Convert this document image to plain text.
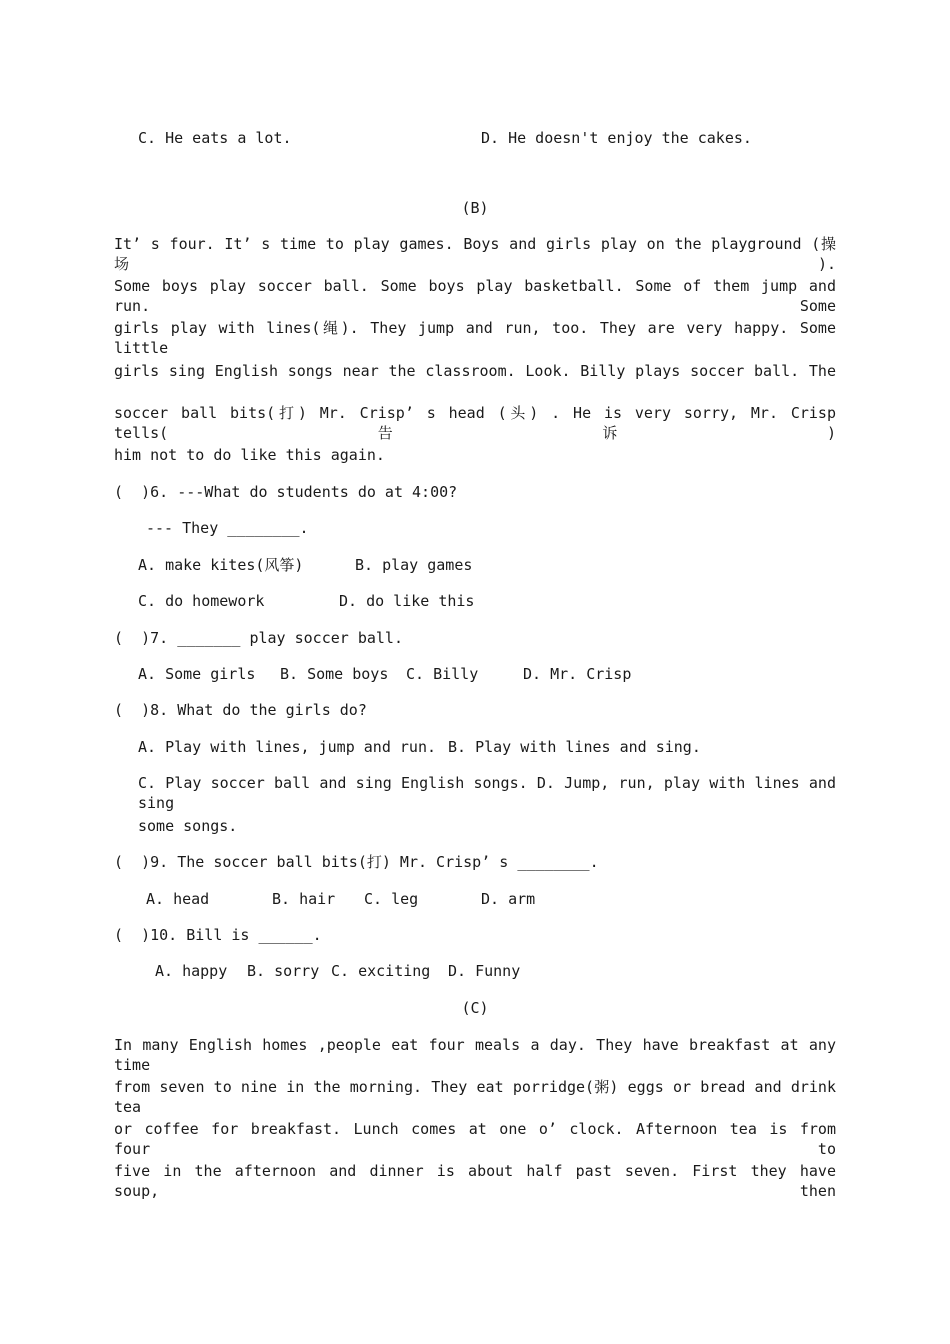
C. He eats a lot.	D. He doesn't enjoy the cakes.
(B)
It’ s four. It’ s time to play games. Boys and girls play on the playground (操场).
Some boys play soccer ball. Some boys play basketball. Some of them jump and run. Some
girls play with lines(绳). They jump and run, too. They are very happy. Some little
girls sing English songs near the classroom. Look. Billy plays soccer ball. The
soccer ball bits(打) Mr. Crisp’ s head (头) . He is very sorry, Mr. Crisp tells(告诉)
him not to do like this again.
(  )6. ---What do students do at 4:00?
--- They ________.
A. make kites(风筝)	B. play games
C. do homework	D. do like this
(  )7. _______ play soccer ball.
A. Some girls B. Some boys C. Billy	D. Mr. Crisp
(  )8. What do the girls do?
A. Play with lines, jump and run. B. Play with lines and sing.
C. Play soccer ball and sing English songs. D. Jump, run, play with lines and sing
some songs.
(  )9. The soccer ball bits(打) Mr. Crisp’ s ________.
A. head	B. hair C. leg	D. arm
(  )10. Bill is ______.
A. happy B. sorry C. exciting D. Funny
(C)
In many English homes ,people eat four meals a day. They have breakfast at any time
from seven to nine in the morning. They eat porridge(粥) eggs or bread and drink tea
or coffee for breakfast. Lunch comes at one o’ clock. Afternoon tea is from four to
five in the afternoon and dinner is about half past seven. First they have soup, then
